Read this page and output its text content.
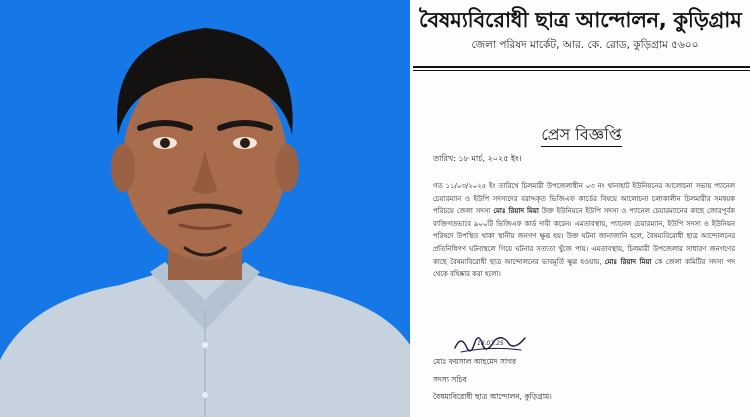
বৈষম্যবিরোধী ছাত্র আন্দোলন, কুড়িগ্রাম
জেলা পরিষদ মার্কেট, আর. কে. রোড, কুড়িগ্রাম ৫৬০০
প্রেস বিজ্ঞপ্তি
তারিখ: ১৮ মার্চ, ২০২৫ ইং।
গত ১১/০৩/২০২৫ ইং তারিখে চিলমারী উপজেলাধীন ০৩ নং থানাহাট ইউনিয়নের আলোচনা সভায় প্যানেল চেয়ারম্যান ও ইউপি সদস্যদের বরাদ্দকৃত ভিজিএফ কার্ডের বিষয়ে আলোচনা চলাকালীন চিলমারীর সমন্বয়ক পরিচয়ে জেলা সদস্য মোঃ রিয়াদ মিয়া উক্ত ইউনিয়নে ইউপি সদস্য ও প্যানেল চেয়ারম্যানের কাছে জোরপূর্বক ব্যক্তিগতভাবে ৯০০টি ভিজিএফ কার্ড দাবী করেন। এমতাবস্থায়, প্যানেল চেয়ারম্যান, ইউপি সদস্য ও ইউনিয়ন পরিষদে উপস্থিত থাকা স্থানীয় জনগণ ক্ষুব্ধ হয়। উক্ত ঘটনা জানাজানি হলে, বৈষম্যবিরোধী ছাত্র আন্দোলনের প্রতিনিধিগণ ঘটনাস্থলে গিয়ে ঘটনার সত্যতা খুঁজে পায়। এমতাবস্থায়, চিলমারী উপজেলার সাধারণ জনগণের কাছে বৈষম্যবিরোধী ছাত্র আন্দোলনের ভাবমূর্তি ক্ষুণ্ণ হওয়ায়, মোঃ রিয়াদ মিয়া কে জেলা কমিটির সদস্য পদ থেকে বহিষ্কার করা হলো।
18.03.25
মোঃ ফয়সাল আহমেদ সাগর
সদস্য সচিব
বৈষম্যবিরোধী ছাত্র আন্দোলন, কুড়িগ্রাম।
